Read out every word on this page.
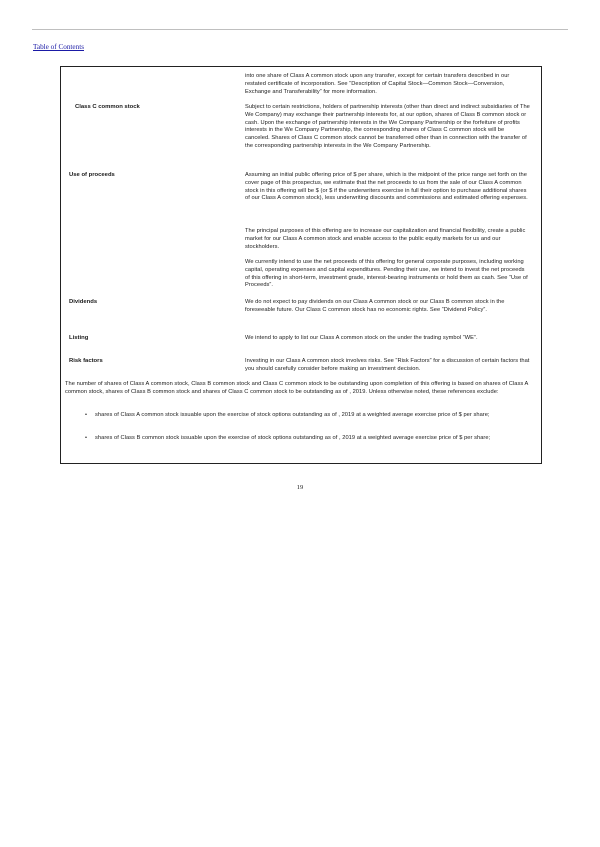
Table of Contents
into one share of Class A common stock upon any transfer, except for certain transfers described in our restated certificate of incorporation. See “Description of Capital Stock—Common Stock—Conversion, Exchange and Transferability” for more information.
Class C common stock	Subject to certain restrictions, holders of partnership interests (other than direct and indirect subsidiaries of The We Company) may exchange their partnership interests for, at our option, shares of Class B common stock or cash. Upon the exchange of partnership interests in the We Company Partnership or the forfeiture of profits interests in the We Company Partnership, the corresponding shares of Class C common stock will be canceled. Shares of Class C common stock cannot be transferred other than in connection with the transfer of the corresponding partnership interests in the We Company Partnership.
Use of proceeds	Assuming an initial public offering price of $ per share, which is the midpoint of the price range set forth on the cover page of this prospectus, we estimate that the net proceeds to us from the sale of our Class A common stock in this offering will be $ (or $ if the underwriters exercise in full their option to purchase additional shares of our Class A common stock), less underwriting discounts and commissions and estimated offering expenses.
The principal purposes of this offering are to increase our capitalization and financial flexibility, create a public market for our Class A common stock and enable access to the public equity markets for us and our stockholders.
We currently intend to use the net proceeds of this offering for general corporate purposes, including working capital, operating expenses and capital expenditures. Pending their use, we intend to invest the net proceeds of this offering in short-term, investment grade, interest-bearing instruments or hold them as cash. See “Use of Proceeds”.
Dividends	We do not expect to pay dividends on our Class A common stock or our Class B common stock in the foreseeable future. Our Class C common stock has no economic rights. See “Dividend Policy”.
Listing	We intend to apply to list our Class A common stock on the under the trading symbol “WE”.
Risk factors	Investing in our Class A common stock involves risks. See “Risk Factors” for a discussion of certain factors that you should carefully consider before making an investment decision.
The number of shares of Class A common stock, Class B common stock and Class C common stock to be outstanding upon completion of this offering is based on shares of Class A common stock, shares of Class B common stock and shares of Class C common stock to be outstanding as of , 2019. Unless otherwise noted, these references exclude:
• shares of Class A common stock issuable upon the exercise of stock options outstanding as of , 2019 at a weighted average exercise price of $ per share;
• shares of Class B common stock issuable upon the exercise of stock options outstanding as of , 2019 at a weighted average exercise price of $ per share;
19
